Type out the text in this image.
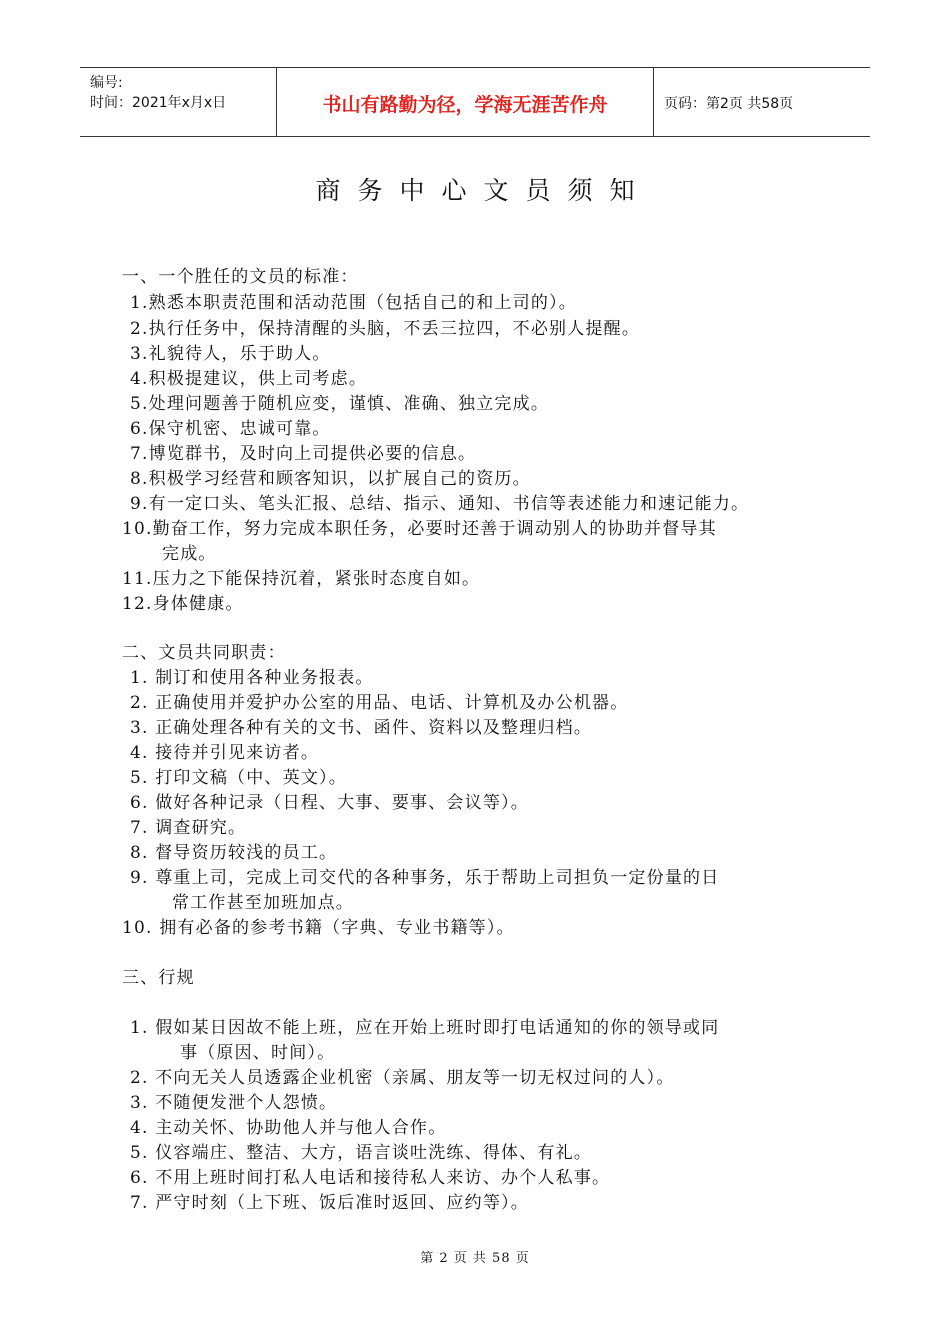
编号:
时间：2021年x月x日	书山有路勤为径，学海无涯苦作舟	页码：第2页 共58页
商务中心文员须知
一、一个胜任的文员的标准：
1.熟悉本职责范围和活动范围（包括自己的和上司的）。
2.执行任务中，保持清醒的头脑，不丢三拉四，不必别人提醒。
3.礼貌待人，乐于助人。
4.积极提建议，供上司考虑。
5.处理问题善于随机应变，谨慎、准确、独立完成。
6.保守机密、忠诚可靠。
7.博览群书，及时向上司提供必要的信息。
8.积极学习经营和顾客知识，以扩展自己的资历。
9.有一定口头、笔头汇报、总结、指示、通知、书信等表述能力和速记能力。
10.勤奋工作，努力完成本职任务，必要时还善于调动别人的协助并督导其
完成。
11.压力之下能保持沉着，紧张时态度自如。
12.身体健康。
二、文员共同职责：
1. 制订和使用各种业务报表。
2. 正确使用并爱护办公室的用品、电话、计算机及办公机器。
3. 正确处理各种有关的文书、函件、资料以及整理归档。
4. 接待并引见来访者。
5. 打印文稿（中、英文）。
6. 做好各种记录（日程、大事、要事、会议等）。
7. 调查研究。
8. 督导资历较浅的员工。
9. 尊重上司，完成上司交代的各种事务，乐于帮助上司担负一定份量的日
常工作甚至加班加点。
10. 拥有必备的参考书籍（字典、专业书籍等）。
三、行规
1. 假如某日因故不能上班，应在开始上班时即打电话通知的你的领导或同
事（原因、时间）。
2. 不向无关人员透露企业机密（亲属、朋友等一切无权过问的人）。
3. 不随便发泄个人怨愤。
4. 主动关怀、协助他人并与他人合作。
5. 仪容端庄、整洁、大方，语言谈吐洗练、得体、有礼。
6. 不用上班时间打私人电话和接待私人来访、办个人私事。
7. 严守时刻（上下班、饭后准时返回、应约等）。
第 2 页 共 58 页
